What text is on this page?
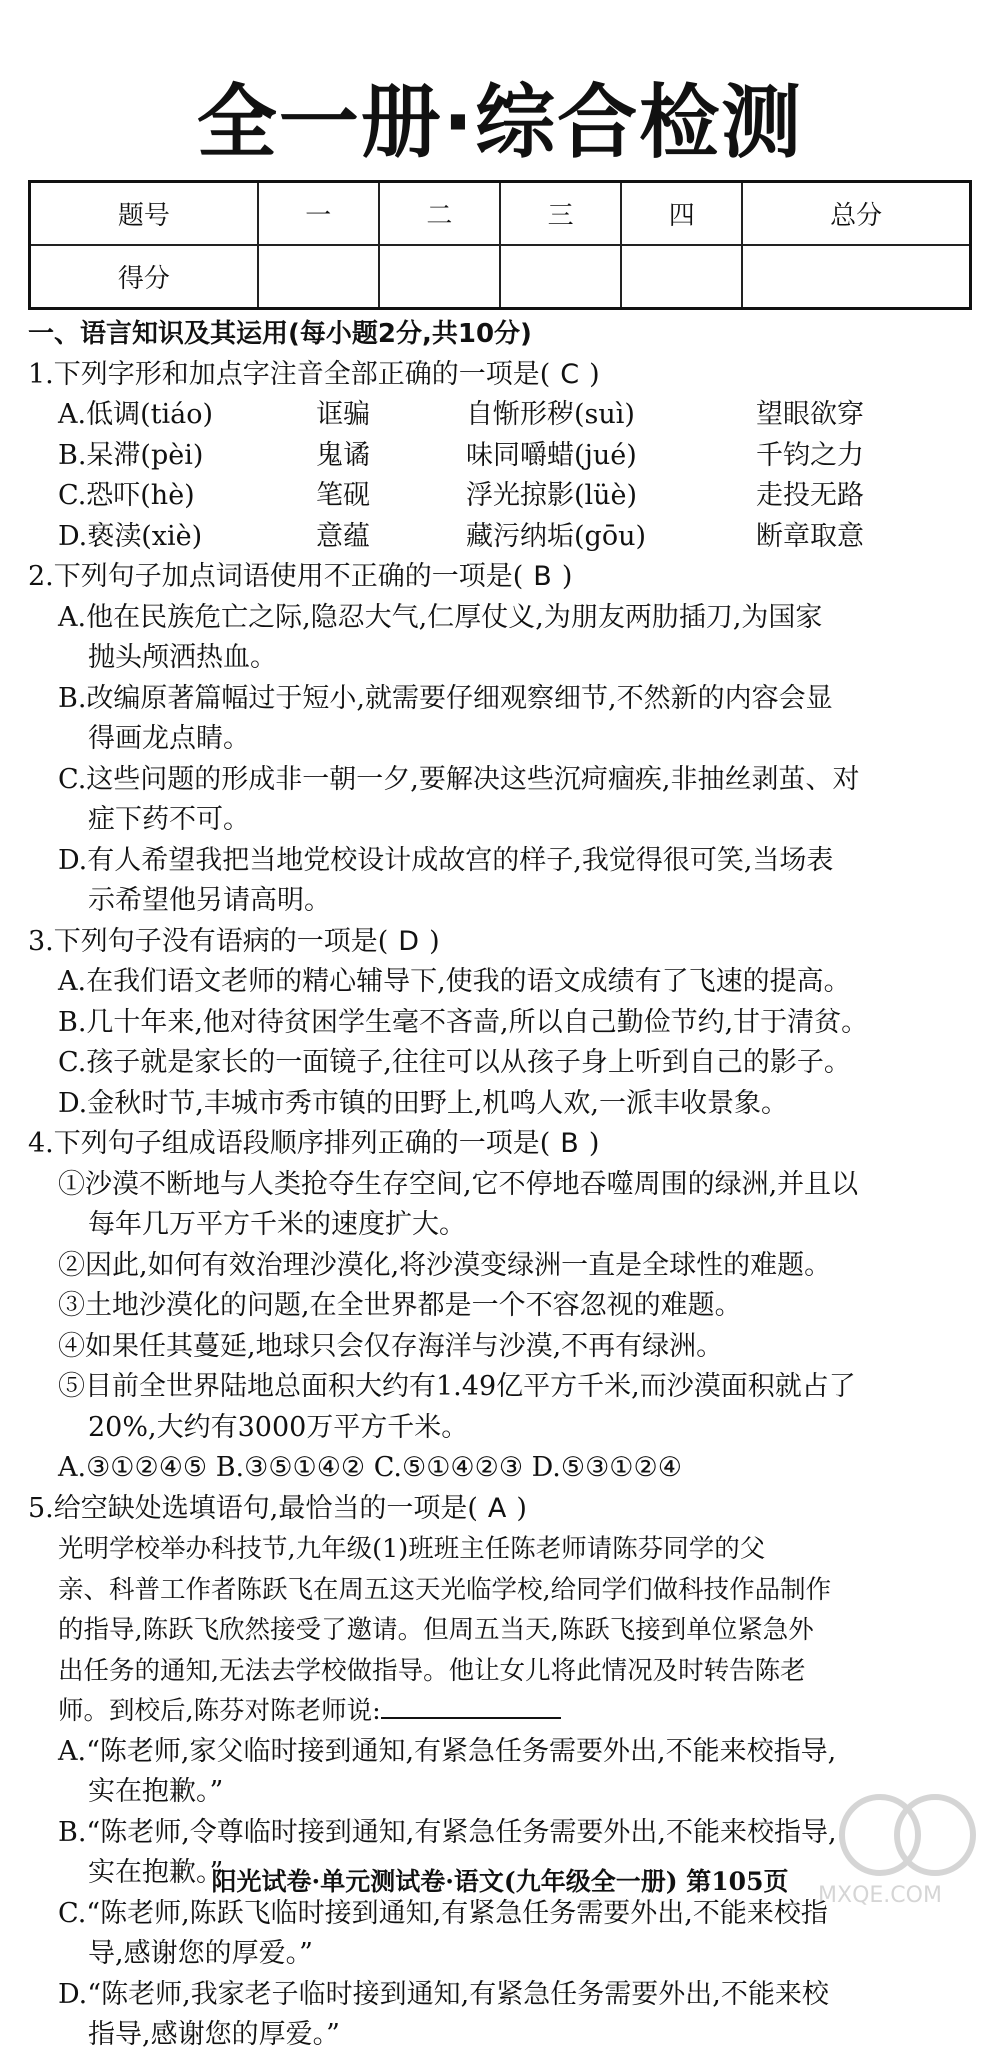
全一册·综合检测
题号	一	二	三	四	总分
得分					
一、语言知识及其运用(每小题2分,共10分)
1.下列字形和加点字注音全部正确的一项是( C )
A.低调(tiáo)	诓骗	自惭形秽(suì)	望眼欲穿
B.呆滞(pèi)	鬼谲	味同嚼蜡(jué)	千钧之力
C.恐吓(hè)	笔砚	浮光掠影(lüè)	走投无路
D.亵渎(xiè)	意蕴	藏污纳垢(gōu)	断章取意
2.下列句子加点词语使用不正确的一项是( B )
A.他在民族危亡之际,隐忍大气,仁厚仗义,为朋友两肋插刀,为国家
抛头颅洒热血。
B.改编原著篇幅过于短小,就需要仔细观察细节,不然新的内容会显
得画龙点睛。
C.这些问题的形成非一朝一夕,要解决这些沉疴痼疾,非抽丝剥茧、对
症下药不可。
D.有人希望我把当地党校设计成故宫的样子,我觉得很可笑,当场表
示希望他另请高明。
3.下列句子没有语病的一项是( D )
A.在我们语文老师的精心辅导下,使我的语文成绩有了飞速的提高。
B.几十年来,他对待贫困学生毫不吝啬,所以自己勤俭节约,甘于清贫。
C.孩子就是家长的一面镜子,往往可以从孩子身上听到自己的影子。
D.金秋时节,丰城市秀市镇的田野上,机鸣人欢,一派丰收景象。
4.下列句子组成语段顺序排列正确的一项是( B )
①沙漠不断地与人类抢夺生存空间,它不停地吞噬周围的绿洲,并且以
每年几万平方千米的速度扩大。
②因此,如何有效治理沙漠化,将沙漠变绿洲一直是全球性的难题。
③土地沙漠化的问题,在全世界都是一个不容忽视的难题。
④如果任其蔓延,地球只会仅存海洋与沙漠,不再有绿洲。
⑤目前全世界陆地总面积大约有1.49亿平方千米,而沙漠面积就占了
20%,大约有3000万平方千米。
A.③①②④⑤ B.③⑤①④② C.⑤①④②③ D.⑤③①②④
5.给空缺处选填语句,最恰当的一项是( A )
光明学校举办科技节,九年级(1)班班主任陈老师请陈芬同学的父
亲、科普工作者陈跃飞在周五这天光临学校,给同学们做科技作品制作
的指导,陈跃飞欣然接受了邀请。但周五当天,陈跃飞接到单位紧急外
出任务的通知,无法去学校做指导。他让女儿将此情况及时转告陈老
师。到校后,陈芬对陈老师说:
A.“陈老师,家父临时接到通知,有紧急任务需要外出,不能来校指导,
实在抱歉。”
B.“陈老师,令尊临时接到通知,有紧急任务需要外出,不能来校指导,
实在抱歉。”
C.“陈老师,陈跃飞临时接到通知,有紧急任务需要外出,不能来校指
导,感谢您的厚爱。”
D.“陈老师,我家老子临时接到通知,有紧急任务需要外出,不能来校
指导,感谢您的厚爱。”
阳光试卷·单元测试卷·语文(九年级全一册) 第105页	MXQE.COM
